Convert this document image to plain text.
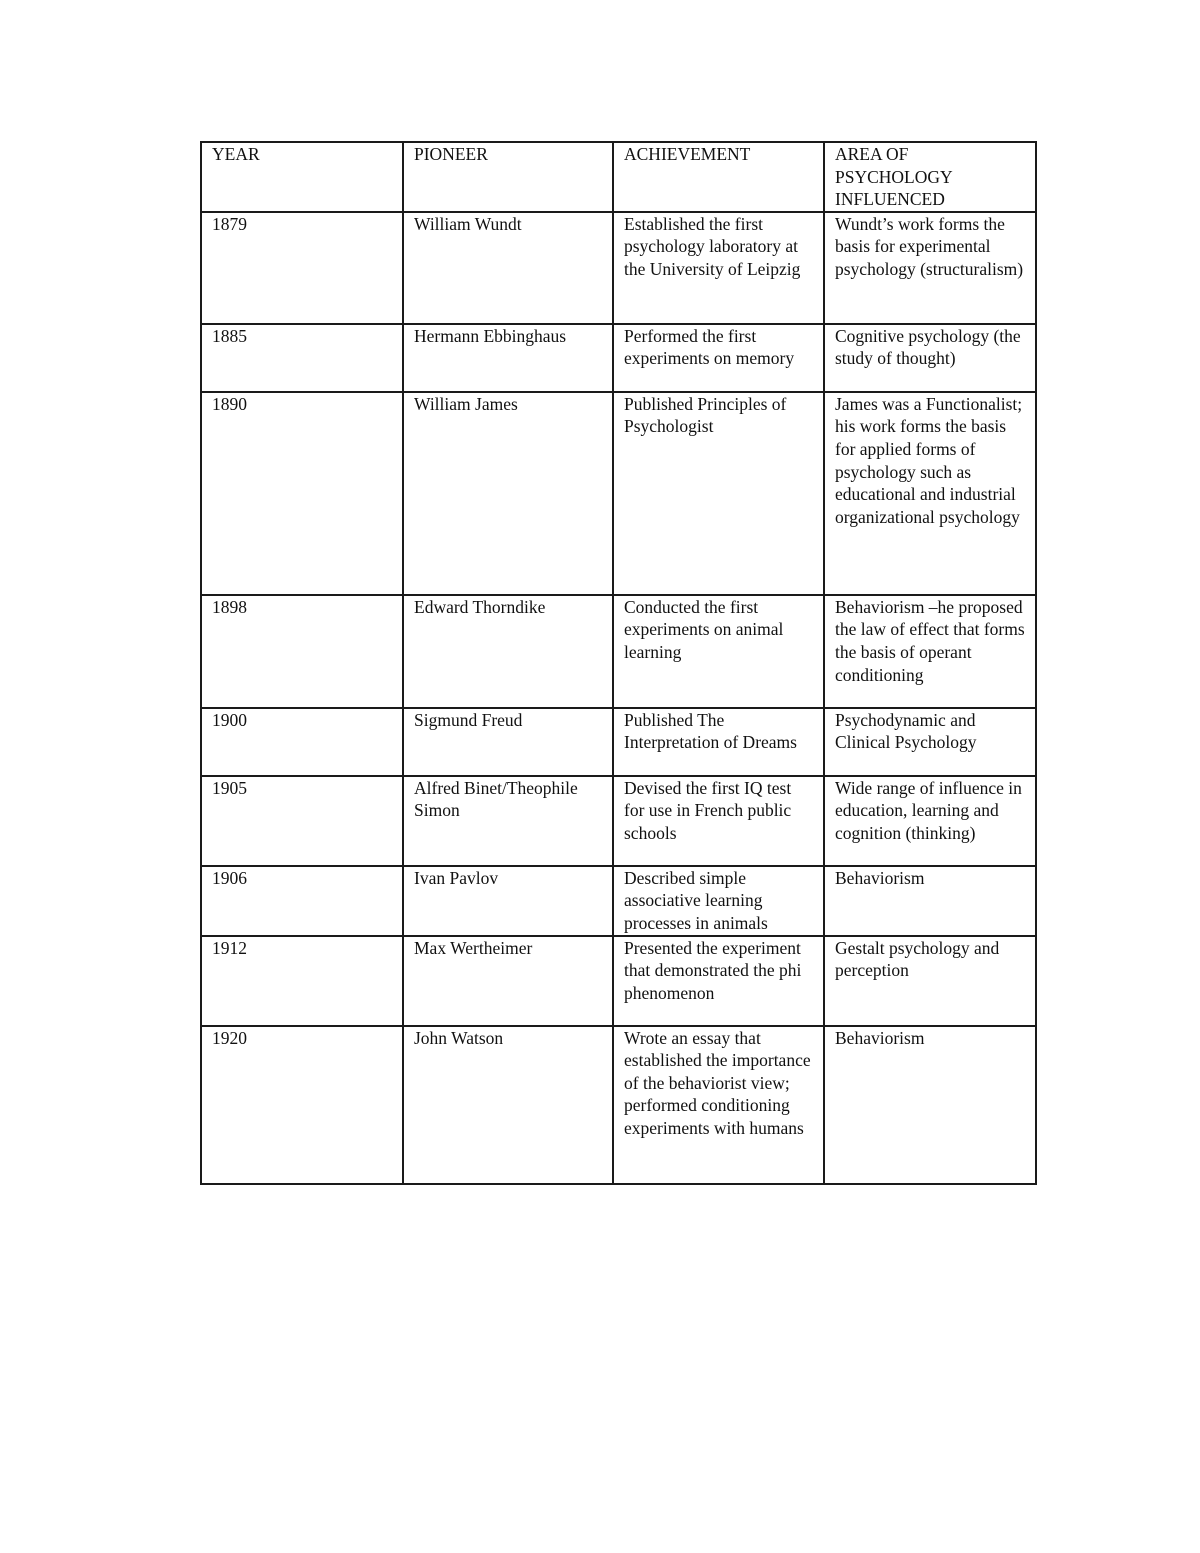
YEAR	PIONEER	ACHIEVEMENT	AREA OF PSYCHOLOGY INFLUENCED
1879	William Wundt	Established the first psychology laboratory at the University of Leipzig	Wundt’s work forms the basis for experimental psychology (structuralism)
1885	Hermann Ebbinghaus	Performed the first experiments on memory	Cognitive psychology (the study of thought)
1890	William James	Published Principles of Psychologist	James was a Functionalist; his work forms the basis for applied forms of psychology such as educational and industrial organizational psychology
1898	Edward Thorndike	Conducted the first experiments on animal learning	Behaviorism –he proposed the law of effect that forms the basis of operant conditioning
1900	Sigmund Freud	Published The Interpretation of Dreams	Psychodynamic and Clinical Psychology
1905	Alfred Binet/Theophile Simon	Devised the first IQ test for use in French public schools	Wide range of influence in education, learning and cognition (thinking)
1906	Ivan Pavlov	Described simple associative learning processes in animals	Behaviorism
1912	Max Wertheimer	Presented the experiment that demonstrated the phi phenomenon	Gestalt psychology and perception
1920	John Watson	Wrote an essay that established the importance of the behaviorist view; performed conditioning experiments with humans	Behaviorism
